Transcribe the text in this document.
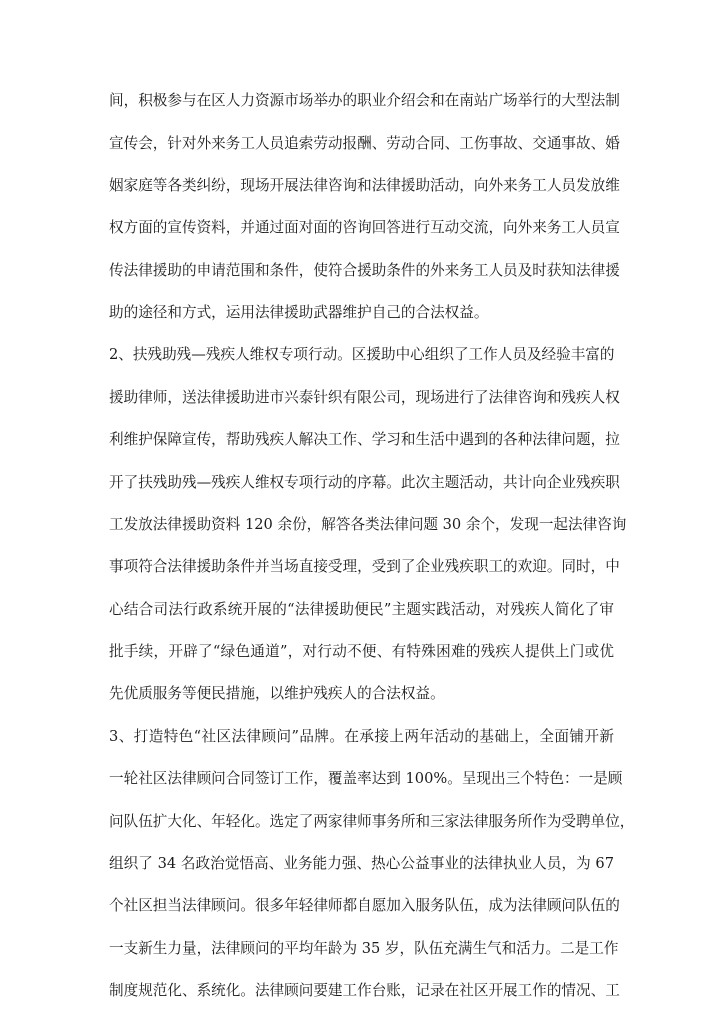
间，积极参与在区人力资源市场举办的职业介绍会和在南站广场举行的大型法制
宣传会，针对外来务工人员追索劳动报酬、劳动合同、工伤事故、交通事故、婚
姻家庭等各类纠纷，现场开展法律咨询和法律援助活动，向外来务工人员发放维
权方面的宣传资料，并通过面对面的咨询回答进行互动交流，向外来务工人员宣
传法律援助的申请范围和条件，使符合援助条件的外来务工人员及时获知法律援
助的途径和方式，运用法律援助武器维护自己的合法权益。
2、扶残助残—残疾人维权专项行动。区援助中心组织了工作人员及经验丰富的
援助律师，送法律援助进市兴泰针织有限公司，现场进行了法律咨询和残疾人权
利维护保障宣传，帮助残疾人解决工作、学习和生活中遇到的各种法律问题，拉
开了扶残助残—残疾人维权专项行动的序幕。此次主题活动，共计向企业残疾职
工发放法律援助资料 120 余份，解答各类法律问题 30 余个，发现一起法律咨询
事项符合法律援助条件并当场直接受理，受到了企业残疾职工的欢迎。同时，中
心结合司法行政系统开展的“法律援助便民”主题实践活动，对残疾人简化了审
批手续，开辟了“绿色通道”，对行动不便、有特殊困难的残疾人提供上门或优
先优质服务等便民措施，以维护残疾人的合法权益。
3、打造特色“社区法律顾问”品牌。在承接上两年活动的基础上，全面铺开新
一轮社区法律顾问合同签订工作，覆盖率达到 100%。呈现出三个特色：一是顾
问队伍扩大化、年轻化。选定了两家律师事务所和三家法律服务所作为受聘单位，
组织了 34 名政治觉悟高、业务能力强、热心公益事业的法律执业人员，为 67
个社区担当法律顾问。很多年轻律师都自愿加入服务队伍，成为法律顾问队伍的
一支新生力量，法律顾问的平均年龄为 35 岁，队伍充满生气和活力。二是工作
制度规范化、系统化。法律顾问要建工作台账，记录在社区开展工作的情况、工
